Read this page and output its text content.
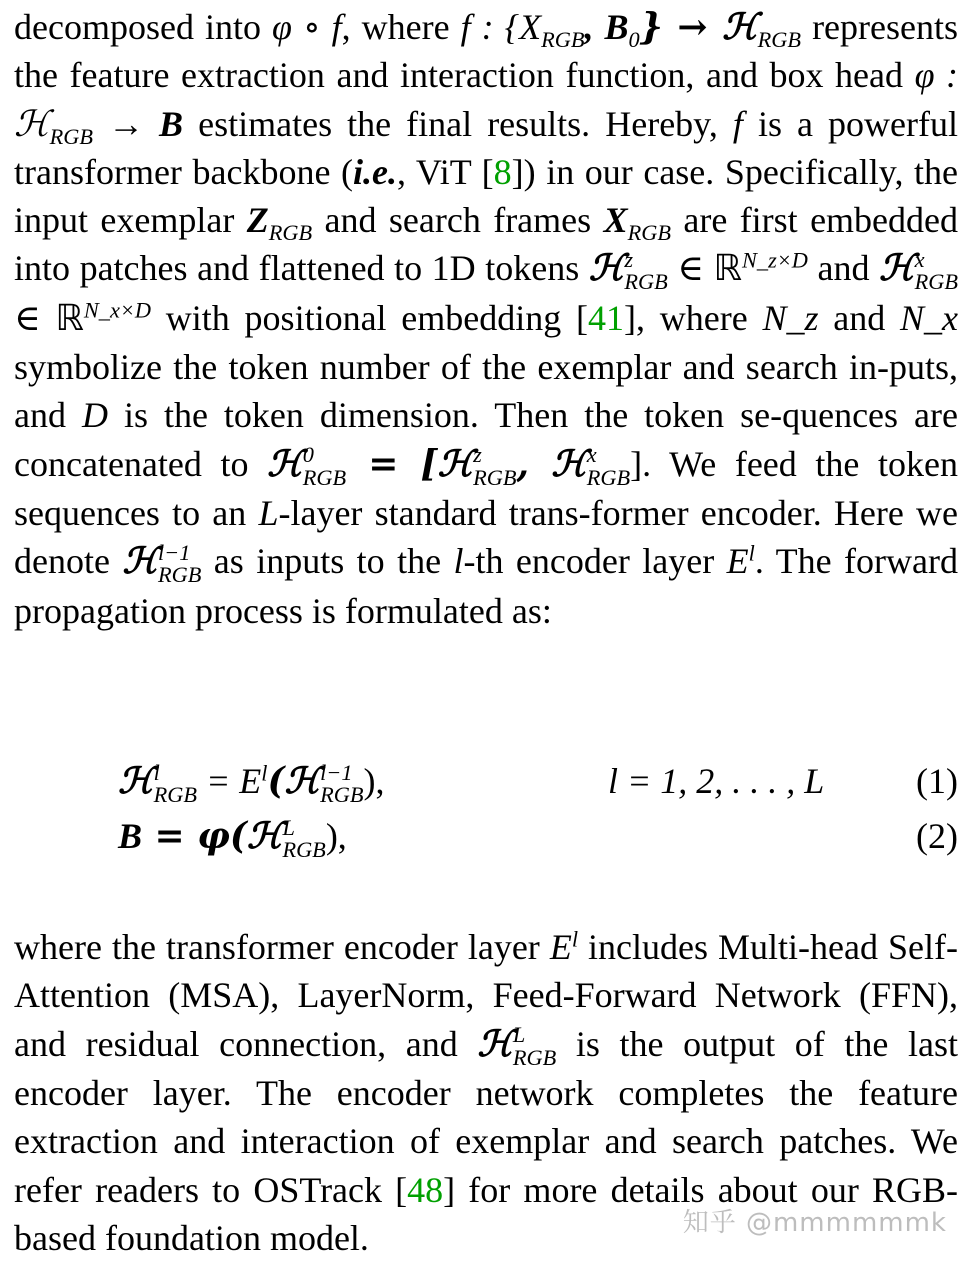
decomposed into φ ∘ f, where f : {$X_{RGB}$, $B_0$} → ℋ$_{RGB}$ represents the feature extraction and interaction function, and box head φ : ℋ$_{RGB}$ → B estimates the final results. Hereby, f is a powerful transformer backbone (i.e., ViT [8]) in our case. Specifically, the input exemplar $Z_{RGB}$ and search frames $X_{RGB}$ are first embedded into patches and flattened to 1D tokens ℋ z
RGB ∈ ℝ$^{N\_z\times D}$ and ℋ x
RGB
∈ ℝ$^{N\_x\times D}$ with positional embedding [41], where N_z and N_x symbolize the token number of the exemplar and search in-puts, and D is the token dimension. Then the token se-quences are concatenated to ℋ 0
RGB = [ℋ z
RGB , ℋ x
RGB ]. We feed the token sequences to an L-layer standard trans-former encoder. Here we denote ℋ l−1
RGB as inputs to the l-th encoder layer $E^l$. The forward propagation process is formulated as:

ℋ l
RGB = $E^l(ℋ$ l−1
RGB ),	l = 1, 2, . . . , L	(1)
B = φ(ℋ L
RGB ),	(2)

where the transformer encoder layer $E^l$ includes Multi-head Self-Attention (MSA), LayerNorm, Feed-Forward Network (FFN), and residual connection, and ℋ L
RGB is the output of the last encoder layer. The encoder network completes the feature extraction and interaction of exemplar and search patches. We refer readers to OSTrack [48] for more details about our RGB-based foundation model.	知乎 @mmmmmmk
